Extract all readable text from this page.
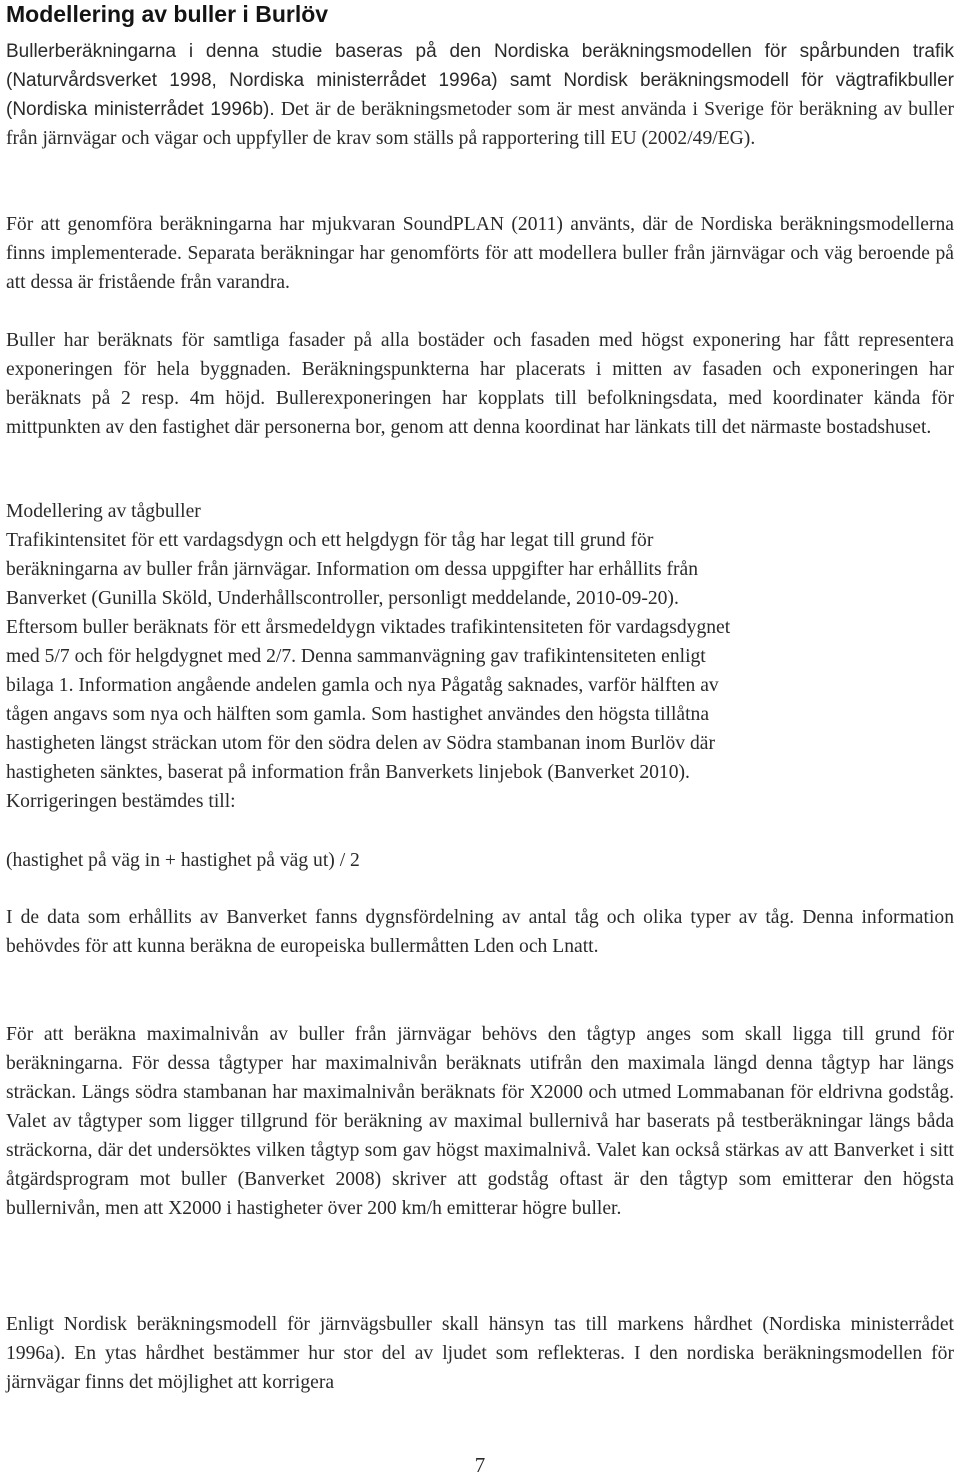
Modellering av buller i Burlöv

Bullerberäkningarna i denna studie baseras på den Nordiska beräkningsmodellen för spårbunden trafik (Naturvårdsverket 1998, Nordiska ministerrådet 1996a) samt Nordisk beräkningsmodell för vägtrafikbuller (Nordiska ministerrådet 1996b). Det är de beräkningsmetoder som är mest använda i Sverige för beräkning av buller från järnvägar och vägar och uppfyller de krav som ställs på rapportering till EU (2002/49/EG).

För att genomföra beräkningarna har mjukvaran SoundPLAN (2011) använts, där de Nordiska beräkningsmodellerna finns implementerade. Separata beräkningar har genomförts för att modellera buller från järnvägar och väg beroende på att dessa är fristående från varandra.

Buller har beräknats för samtliga fasader på alla bostäder och fasaden med högst exponering har fått representera exponeringen för hela byggnaden. Beräkningspunkterna har placerats i mitten av fasaden och exponeringen har beräknats på 2 resp. 4m höjd. Bullerexponeringen har kopplats till befolkningsdata, med koordinater kända för mittpunkten av den fastighet där personerna bor, genom att denna koordinat har länkats till det närmaste bostadshuset.

Modellering av tågbuller
Trafikintensitet för ett vardagsdygn och ett helgdygn för tåg har legat till grund för
beräkningarna av buller från järnvägar. Information om dessa uppgifter har erhållits från
Banverket (Gunilla Sköld, Underhållscontroller, personligt meddelande, 2010-09-20).
Eftersom buller beräknats för ett årsmedeldygn viktades trafikintensiteten för vardagsdygnet
med 5/7 och för helgdygnet med 2/7. Denna sammanvägning gav trafikintensiteten enligt
bilaga 1. Information angående andelen gamla och nya Pågatåg saknades, varför hälften av
tågen angavs som nya och hälften som gamla. Som hastighet användes den högsta tillåtna
hastigheten längst sträckan utom för den södra delen av Södra stambanan inom Burlöv där
hastigheten sänktes, baserat på information från Banverkets linjebok (Banverket 2010).
Korrigeringen bestämdes till:
(hastighet på väg in + hastighet på väg ut) / 2

I de data som erhållits av Banverket fanns dygnsfördelning av antal tåg och olika typer av tåg. Denna information behövdes för att kunna beräkna de europeiska bullermåtten Lden och Lnatt.

För att beräkna maximalnivån av buller från järnvägar behövs den tågtyp anges som skall ligga till grund för beräkningarna. För dessa tågtyper har maximalnivån beräknats utifrån den maximala längd denna tågtyp har längs sträckan. Längs södra stambanan har maximalnivån beräknats för X2000 och utmed Lommabanan för eldrivna godståg. Valet av tågtyper som ligger tillgrund för beräkning av maximal bullernivå har baserats på testberäkningar längs båda sträckorna, där det undersöktes vilken tågtyp som gav högst maximalnivå. Valet kan också stärkas av att Banverket i sitt åtgärdsprogram mot buller (Banverket 2008) skriver att godståg oftast är den tågtyp som emitterar den högsta bullernivån, men att X2000 i hastigheter över 200 km/h emitterar högre buller.

Enligt Nordisk beräkningsmodell för järnvägsbuller skall hänsyn tas till markens hårdhet (Nordiska ministerrådet 1996a). En ytas hårdhet bestämmer hur stor del av ljudet som reflekteras. I den nordiska beräkningsmodellen för järnvägar finns det möjlighet att korrigera

7
